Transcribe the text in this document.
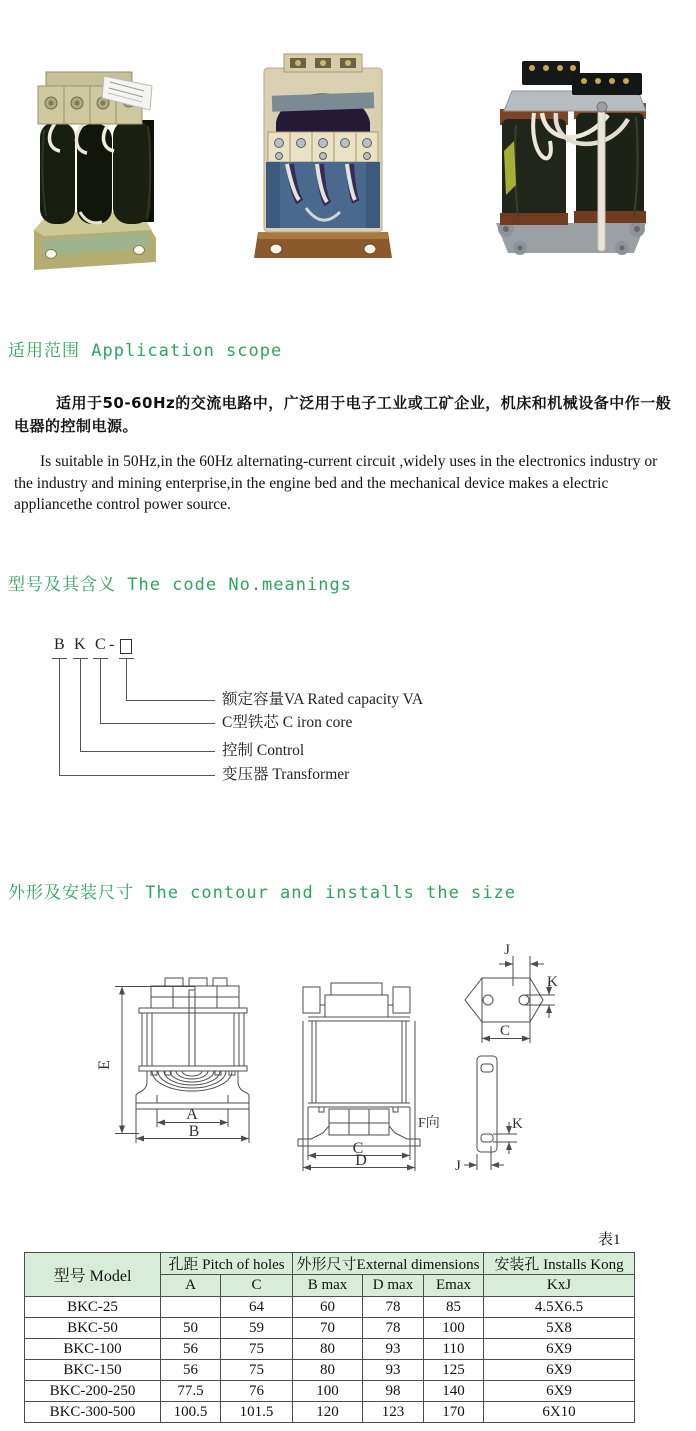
适用范围 Application scope
适用于50-60Hz的交流电路中，广泛用于电子工业或工矿企业，机床和机械设备中作一般电器的控制电源。
Is suitable in 50Hz,in the 60Hz alternating-current circuit ,widely uses in the electronics industry or the industry and mining enterprise,in the engine bed and the mechanical device makes a electric appliancethe control power source.
型号及其含义 The code No.meanings
B K C -
额定容量VA Rated capacity VA
C型铁芯 C iron core
控制 Control
变压器 Transformer
外形及安装尺寸 The contour and installs the size
E
A
B
C
D
F向
J
K
C
K
J
表1
型号 Model	孔距 Pitch of holes		外形尺寸External dimensions			安装孔 Installs Kong
	A	C	B max	D max	Emax	KxJ
BKC-25		64	60	78	85	4.5X6.5
BKC-50	50	59	70	78	100	5X8
BKC-100	56	75	80	93	110	6X9
BKC-150	56	75	80	93	125	6X9
BKC-200-250	77.5	76	100	98	140	6X9
BKC-300-500	100.5	101.5	120	123	170	6X10
